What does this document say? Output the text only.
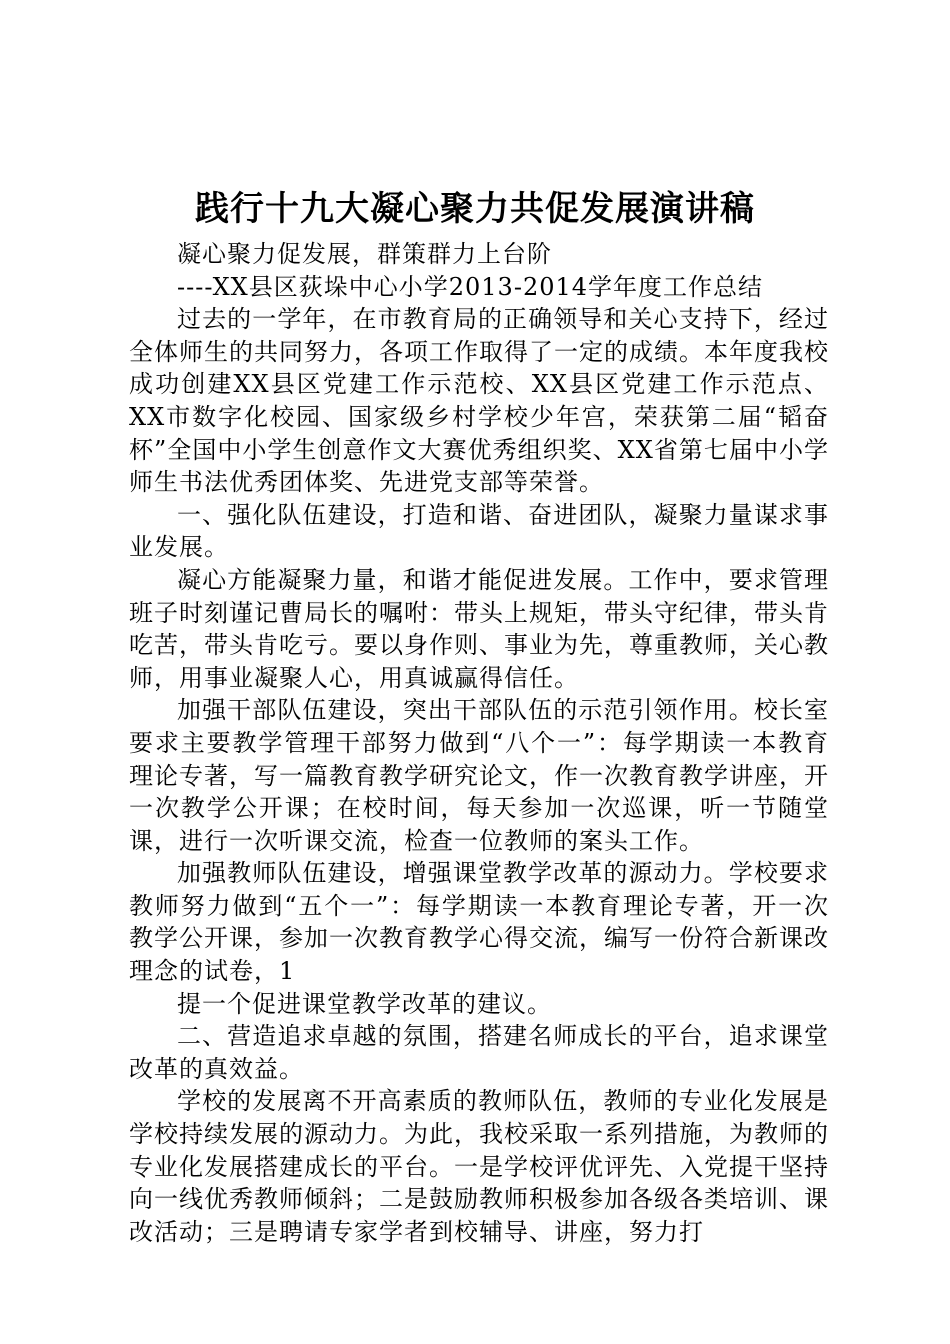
践行十九大凝心聚力共促发展演讲稿

凝心聚力促发展，群策群力上台阶

----XX县区荻垛中心小学2013-2014学年度工作总结

过去的一学年，在市教育局的正确领导和关心支持下，经过全体师生的共同努力，各项工作取得了一定的成绩。本年度我校成功创建XX县区党建工作示范校、XX县区党建工作示范点、XX市数字化校园、国家级乡村学校少年宫，荣获第二届“韬奋杯”全国中小学生创意作文大赛优秀组织奖、XX省第七届中小学师生书法优秀团体奖、先进党支部等荣誉。

一、强化队伍建设，打造和谐、奋进团队，凝聚力量谋求事业发展。

凝心方能凝聚力量，和谐才能促进发展。工作中，要求管理班子时刻谨记曹局长的嘱咐：带头上规矩，带头守纪律，带头肯吃苦，带头肯吃亏。要以身作则、事业为先，尊重教师，关心教师，用事业凝聚人心，用真诚赢得信任。

加强干部队伍建设，突出干部队伍的示范引领作用。校长室要求主要教学管理干部努力做到“八个一”：每学期读一本教育理论专著，写一篇教育教学研究论文，作一次教育教学讲座，开一次教学公开课；在校时间，每天参加一次巡课，听一节随堂课，进行一次听课交流，检查一位教师的案头工作。

加强教师队伍建设，增强课堂教学改革的源动力。学校要求教师努力做到“五个一”：每学期读一本教育理论专著，开一次教学公开课，参加一次教育教学心得交流，编写一份符合新课改理念的试卷，1

提一个促进课堂教学改革的建议。

二、营造追求卓越的氛围，搭建名师成长的平台，追求课堂改革的真效益。

学校的发展离不开高素质的教师队伍，教师的专业化发展是学校持续发展的源动力。为此，我校采取一系列措施，为教师的专业化发展搭建成长的平台。一是学校评优评先、入党提干坚持向一线优秀教师倾斜；二是鼓励教师积极参加各级各类培训、课改活动；三是聘请专家学者到校辅导、讲座，努力打
